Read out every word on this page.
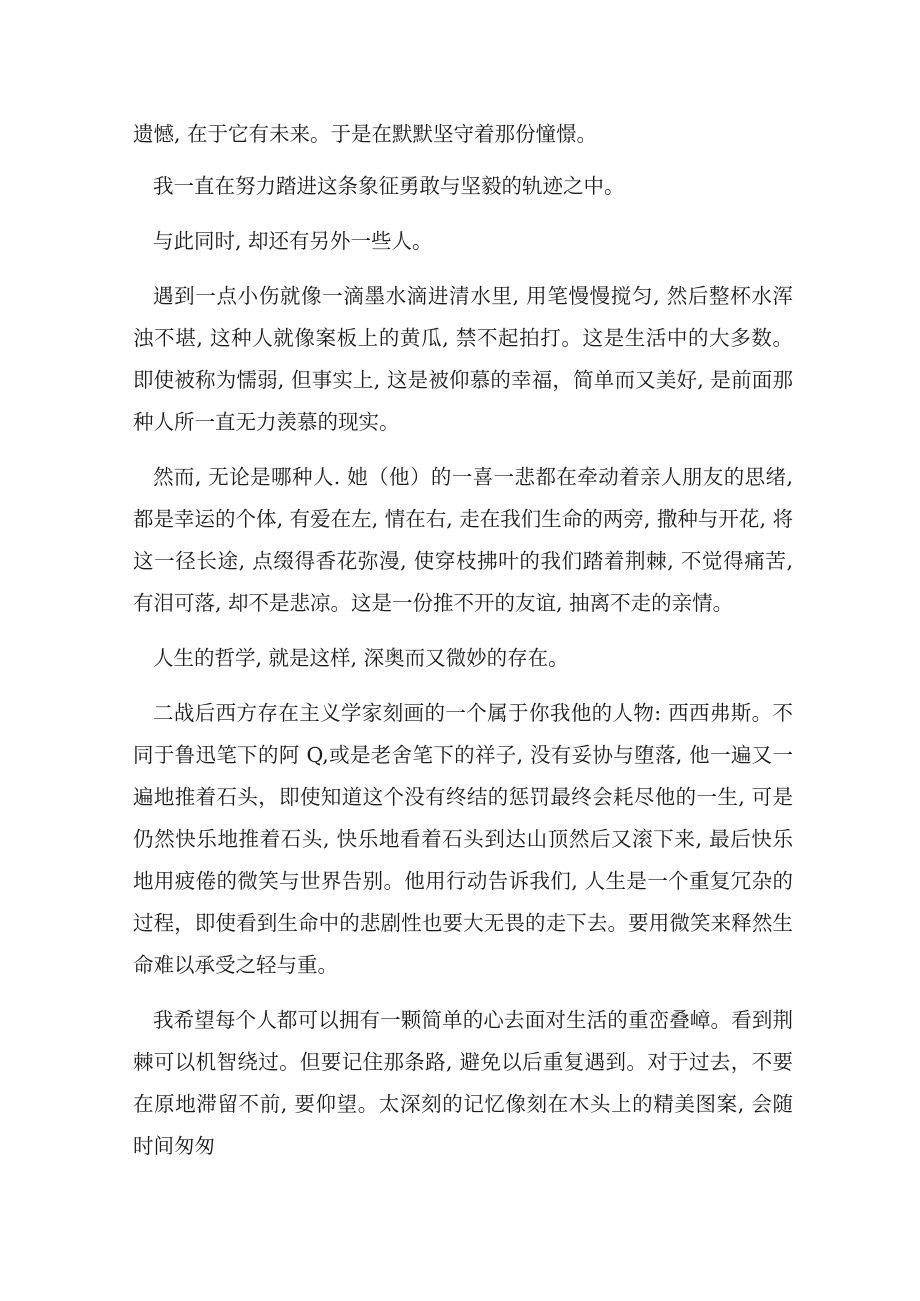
遗憾, 在于它有未来。于是在默默坚守着那份憧憬。

我一直在努力踏进这条象征勇敢与坚毅的轨迹之中。

与此同时, 却还有另外一些人。

遇到一点小伤就像一滴墨水滴进清水里, 用笔慢慢搅匀, 然后整杯水浑浊不堪, 这种人就像案板上的黄瓜, 禁不起拍打。这是生活中的大多数。即使被称为懦弱, 但事实上, 这是被仰慕的幸福，简单而又美好, 是前面那种人所一直无力羡慕的现实。

然而, 无论是哪种人. 她（他）的一喜一悲都在牵动着亲人朋友的思绪, 都是幸运的个体, 有爱在左, 情在右, 走在我们生命的两旁, 撒种与开花, 将这一径长途, 点缀得香花弥漫, 使穿枝拂叶的我们踏着荆棘, 不觉得痛苦, 有泪可落, 却不是悲凉。这是一份推不开的友谊, 抽离不走的亲情。

人生的哲学, 就是这样, 深奥而又微妙的存在。

二战后西方存在主义学家刻画的一个属于你我他的人物: 西西弗斯。不同于鲁迅笔下的阿 Q,或是老舍笔下的祥子, 没有妥协与堕落, 他一遍又一遍地推着石头，即使知道这个没有终结的惩罚最终会耗尽他的一生, 可是仍然快乐地推着石头, 快乐地看着石头到达山顶然后又滚下来, 最后快乐地用疲倦的微笑与世界告别。他用行动告诉我们, 人生是一个重复冗杂的过程，即使看到生命中的悲剧性也要大无畏的走下去。要用微笑来释然生命难以承受之轻与重。

我希望每个人都可以拥有一颗简单的心去面对生活的重峦叠嶂。看到荆棘可以机智绕过。但要记住那条路, 避免以后重复遇到。对于过去，不要在原地滞留不前, 要仰望。太深刻的记忆像刻在木头上的精美图案, 会随时间匆匆
